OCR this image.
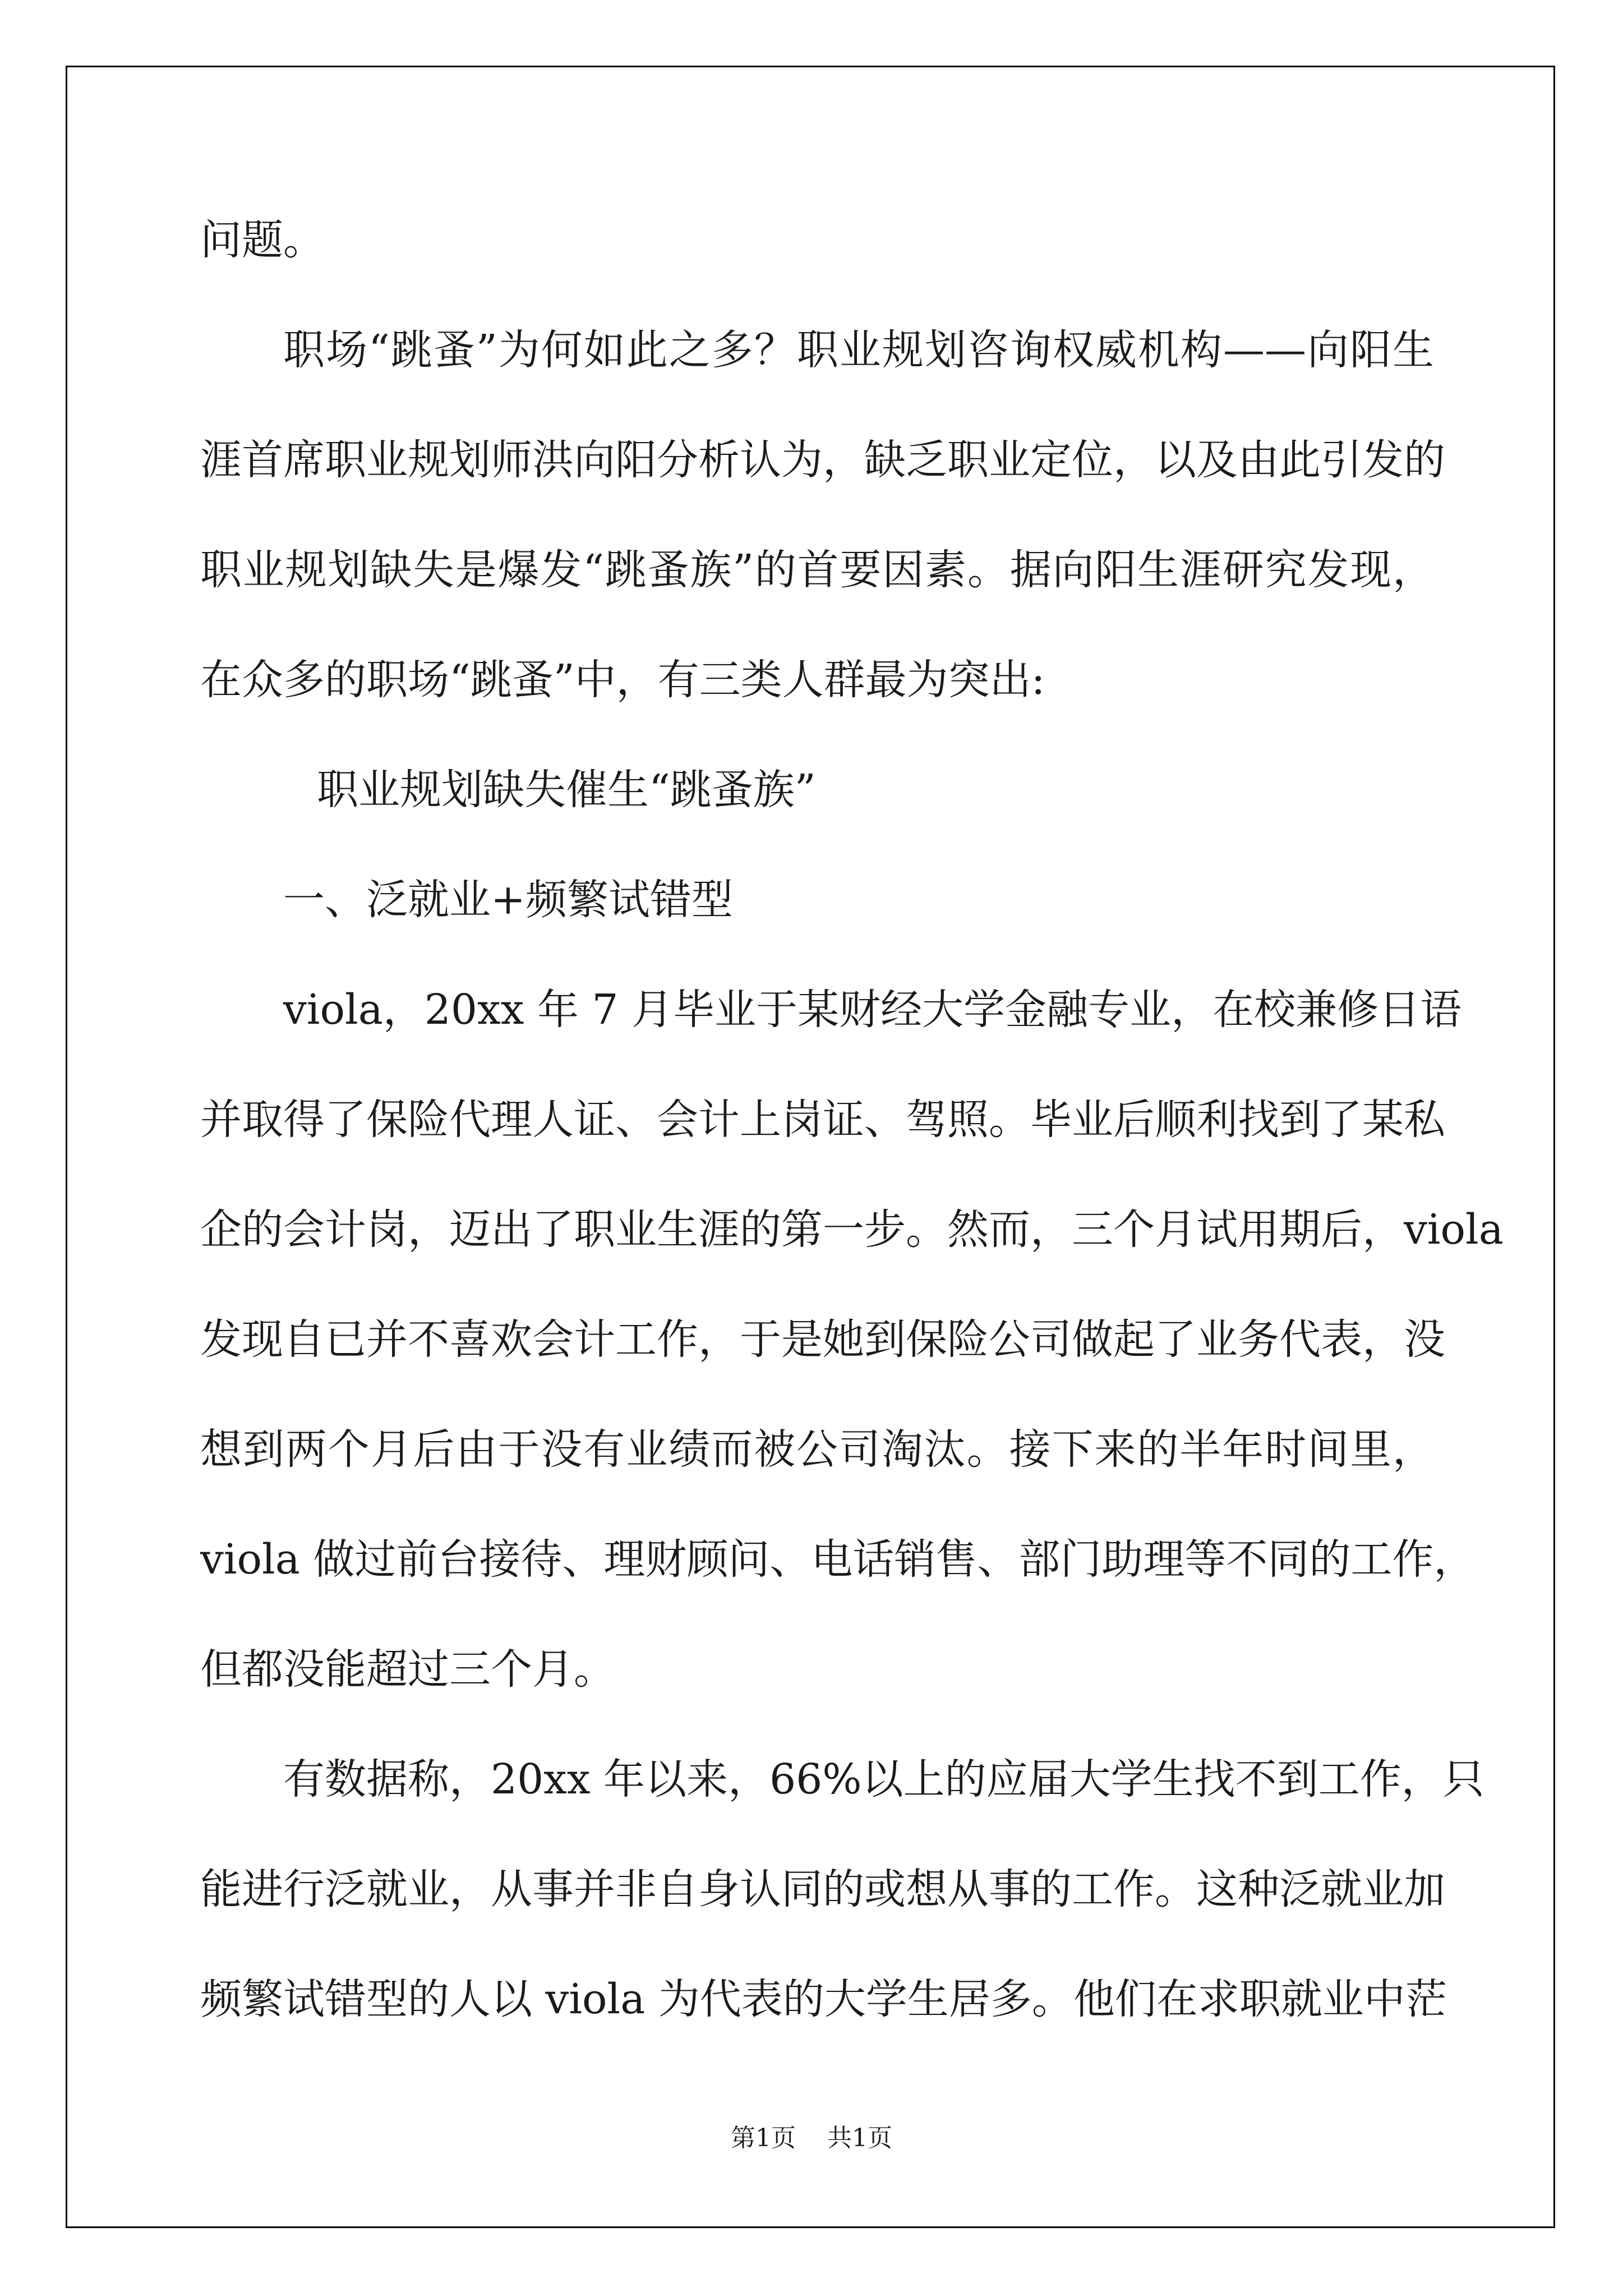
问题。
职场“跳蚤”为何如此之多？职业规划咨询权威机构——向阳生
涯首席职业规划师洪向阳分析认为，缺乏职业定位，以及由此引发的
职业规划缺失是爆发“跳蚤族”的首要因素。据向阳生涯研究发现，
在众多的职场“跳蚤”中，有三类人群最为突出:
职业规划缺失催生“跳蚤族”
一、泛就业+频繁试错型
viola，20xx 年 7 月毕业于某财经大学金融专业，在校兼修日语
并取得了保险代理人证、会计上岗证、驾照。毕业后顺利找到了某私
企的会计岗，迈出了职业生涯的第一步。然而，三个月试用期后，viola
发现自已并不喜欢会计工作，于是她到保险公司做起了业务代表，没
想到两个月后由于没有业绩而被公司淘汰。接下来的半年时间里，
viola 做过前台接待、理财顾问、电话销售、部门助理等不同的工作，
但都没能超过三个月。
有数据称，20xx 年以来，66%以上的应届大学生找不到工作，只
能进行泛就业，从事并非自身认同的或想从事的工作。这种泛就业加
频繁试错型的人以 viola 为代表的大学生居多。他们在求职就业中茫
第1页 共1页
